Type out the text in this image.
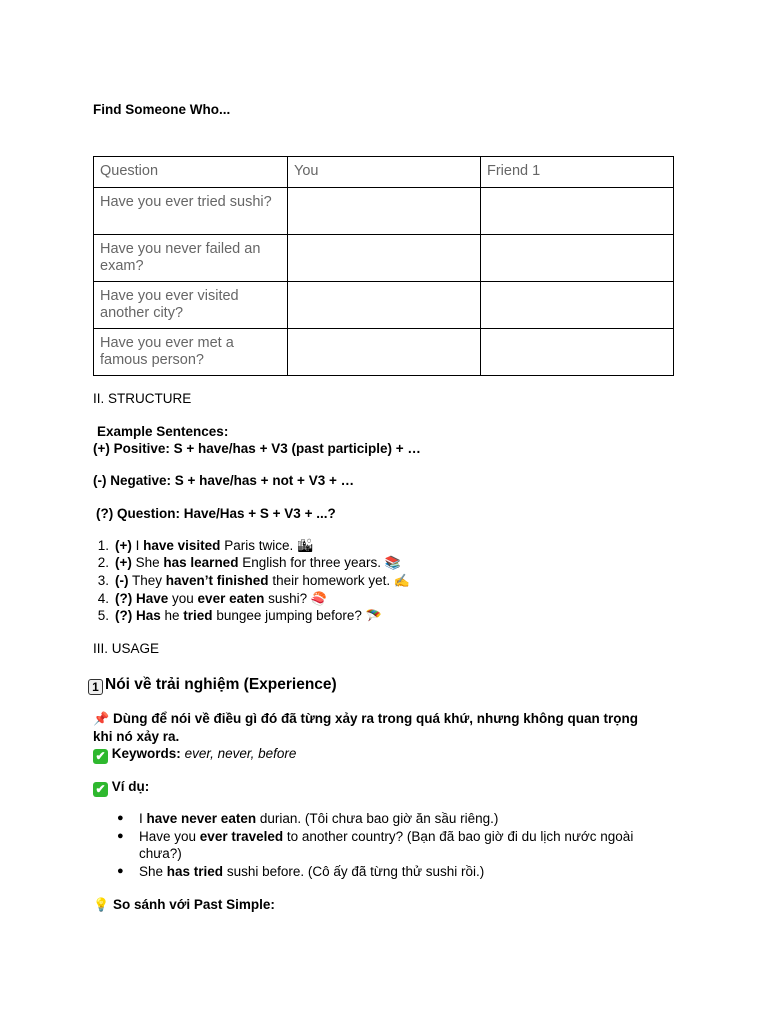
Find Someone Who...
Question	You	Friend 1
Have you ever tried sushi?		
Have you never failed an exam?		
Have you ever visited another city?		
Have you ever met a famous person?		
II. STRUCTURE
Example Sentences:
(+) Positive: S + have/has + V3 (past participle) + …
(-) Negative: S + have/has + not + V3 + …
(?) Question: Have/Has + S + V3 + ...?
1. (+) I have visited Paris twice. 🏙
2. (+) She has learned English for three years. 📚
3. (-) They haven’t finished their homework yet. ✍
4. (?) Have you ever eaten sushi? 🍣
5. (?) Has he tried bungee jumping before? 🪂
III. USAGE
1 Nói về trải nghiệm (Experience)
📌 Dùng để nói về điều gì đó đã từng xảy ra trong quá khứ, nhưng không quan trọng
khi nó xảy ra.
✔ Keywords: ever, never, before
✔ Ví dụ:
● I have never eaten durian. (Tôi chưa bao giờ ăn sầu riêng.)
● Have you ever traveled to another country? (Bạn đã bao giờ đi du lịch nước ngoài chưa?)
● She has tried sushi before. (Cô ấy đã từng thử sushi rồi.)
💡 So sánh với Past Simple:
